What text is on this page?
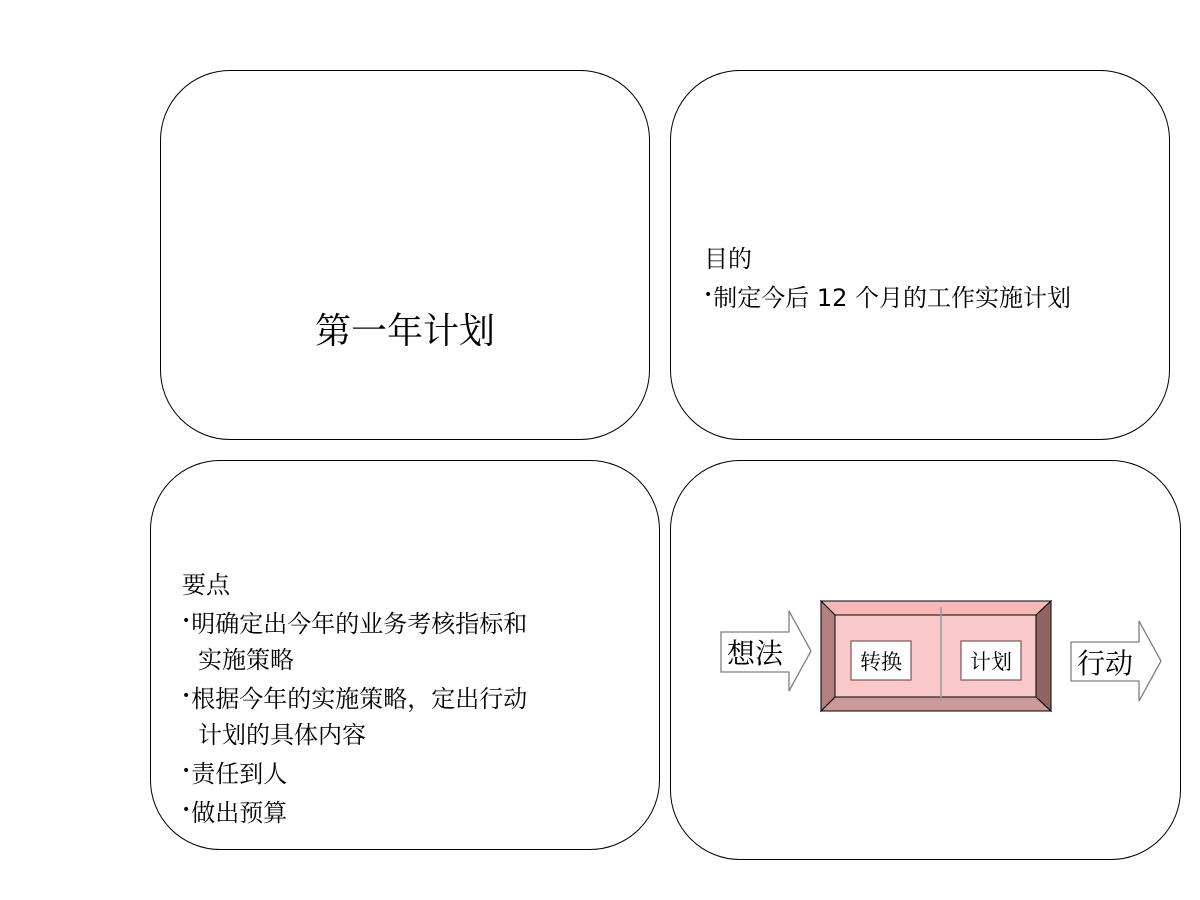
第一年计划
目的
•制定今后 12 个月的工作实施计划
要点
•明确定出今年的业务考核指标和
实施策略
•根据今年的实施策略，定出行动
计划的具体内容
•责任到人
•做出预算
想法	转换	计划 行动
